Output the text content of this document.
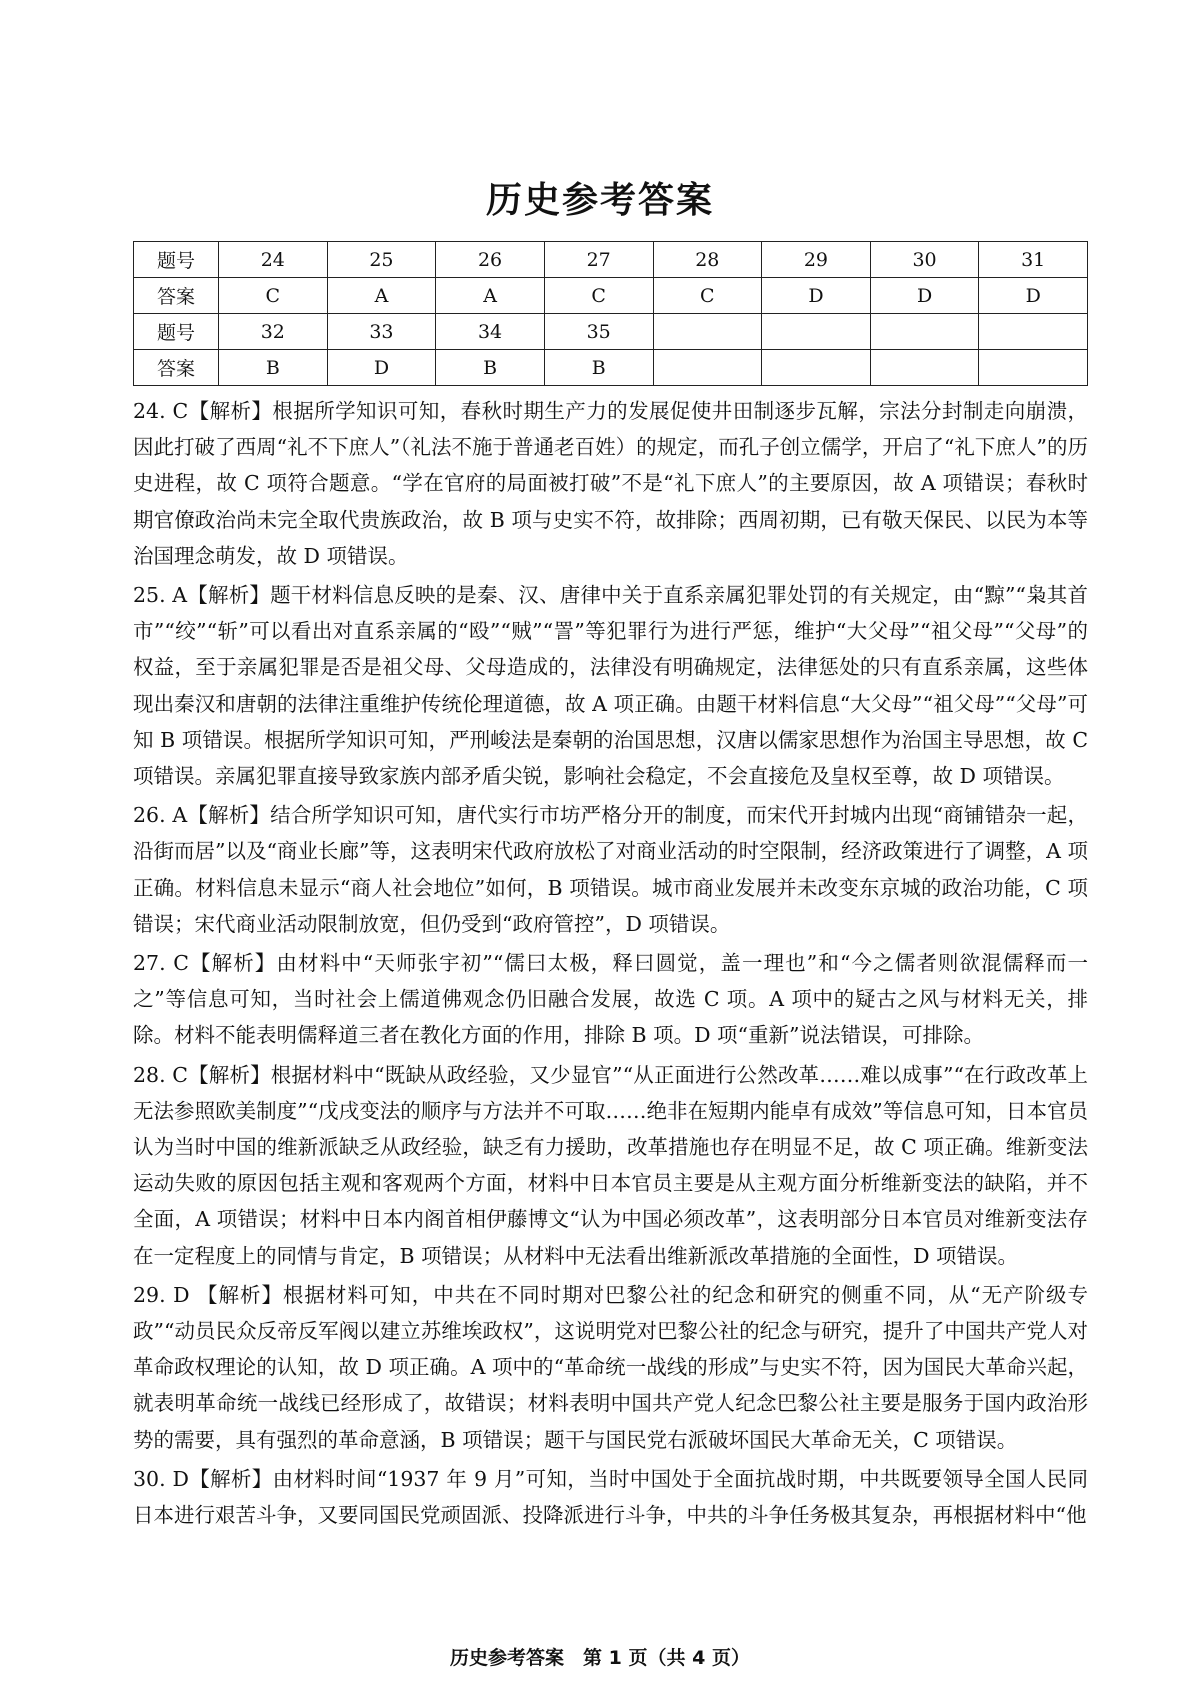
历史参考答案
题号	24	25	26	27	28	29	30	31
答案	C	A	A	C	C	D	D	D
题号	32	33	34	35				
答案	B	D	B	B				

24. C【解析】根据所学知识可知，春秋时期生产力的发展促使井田制逐步瓦解，宗法分封制走向崩溃，因此打破了西周“礼不下庶人”（礼法不施于普通老百姓）的规定，而孔子创立儒学，开启了“礼下庶人”的历史进程，故 C 项符合题意。“学在官府的局面被打破”不是“礼下庶人”的主要原因，故 A 项错误；春秋时期官僚政治尚未完全取代贵族政治，故 B 项与史实不符，故排除；西周初期，已有敬天保民、以民为本等治国理念萌发，故 D 项错误。

25. A【解析】题干材料信息反映的是秦、汉、唐律中关于直系亲属犯罪处罚的有关规定，由“黥”“枭其首市”“绞”“斩”可以看出对直系亲属的“殴”“贼”“詈”等犯罪行为进行严惩，维护“大父母”“祖父母”“父母”的权益，至于亲属犯罪是否是祖父母、父母造成的，法律没有明确规定，法律惩处的只有直系亲属，这些体现出秦汉和唐朝的法律注重维护传统伦理道德，故 A 项正确。由题干材料信息“大父母”“祖父母”“父母”可知 B 项错误。根据所学知识可知，严刑峻法是秦朝的治国思想，汉唐以儒家思想作为治国主导思想，故 C 项错误。亲属犯罪直接导致家族内部矛盾尖锐，影响社会稳定，不会直接危及皇权至尊，故 D 项错误。

26. A【解析】结合所学知识可知，唐代实行市坊严格分开的制度，而宋代开封城内出现“商铺错杂一起，沿街而居”以及“商业长廊”等，这表明宋代政府放松了对商业活动的时空限制，经济政策进行了调整，A 项正确。材料信息未显示“商人社会地位”如何，B 项错误。城市商业发展并未改变东京城的政治功能，C 项错误；宋代商业活动限制放宽，但仍受到“政府管控”，D 项错误。

27. C【解析】由材料中“天师张宇初”“儒曰太极，释曰圆觉，盖一理也”和“今之儒者则欲混儒释而一之”等信息可知，当时社会上儒道佛观念仍旧融合发展，故选 C 项。A 项中的疑古之风与材料无关，排除。材料不能表明儒释道三者在教化方面的作用，排除 B 项。D 项“重新”说法错误，可排除。

28. C【解析】根据材料中“既缺从政经验，又少显官”“从正面进行公然改革……难以成事”“在行政改革上无法参照欧美制度”“戊戌变法的顺序与方法并不可取……绝非在短期内能卓有成效”等信息可知，日本官员认为当时中国的维新派缺乏从政经验，缺乏有力援助，改革措施也存在明显不足，故 C 项正确。维新变法运动失败的原因包括主观和客观两个方面，材料中日本官员主要是从主观方面分析维新变法的缺陷，并不全面，A 项错误；材料中日本内阁首相伊藤博文“认为中国必须改革”，这表明部分日本官员对维新变法存在一定程度上的同情与肯定，B 项错误；从材料中无法看出维新派改革措施的全面性，D 项错误。

29. D 【解析】根据材料可知，中共在不同时期对巴黎公社的纪念和研究的侧重不同，从“无产阶级专政”“动员民众反帝反军阀以建立苏维埃政权”，这说明党对巴黎公社的纪念与研究，提升了中国共产党人对革命政权理论的认知，故 D 项正确。A 项中的“革命统一战线的形成”与史实不符，因为国民大革命兴起，就表明革命统一战线已经形成了，故错误；材料表明中国共产党人纪念巴黎公社主要是服务于国内政治形势的需要，具有强烈的革命意涵，B 项错误；题干与国民党右派破坏国民大革命无关，C 项错误。

30. D【解析】由材料时间“1937 年 9 月”可知，当时中国处于全面抗战时期，中共既要领导全国人民同日本进行艰苦斗争，又要同国民党顽固派、投降派进行斗争，中共的斗争任务极其复杂，再根据材料中“他

历史参考答案　第 1 页（共 4 页）
